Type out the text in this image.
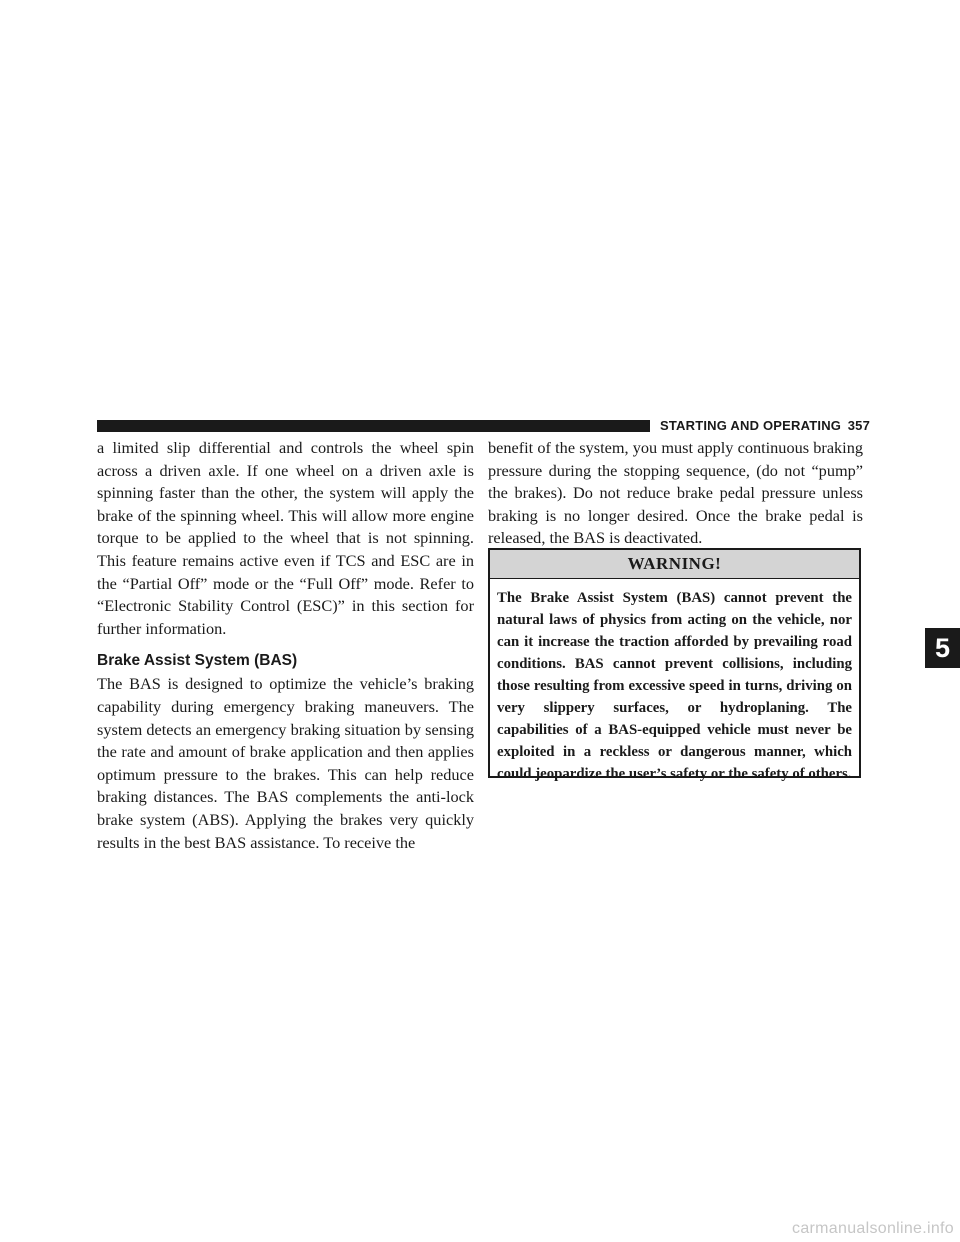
STARTING AND OPERATING 357

a limited slip differential and controls the wheel spin across a driven axle. If one wheel on a driven axle is spinning faster than the other, the system will apply the brake of the spinning wheel. This will allow more engine torque to be applied to the wheel that is not spinning. This feature remains active even if TCS and ESC are in the “Partial Off” mode or the “Full Off” mode. Refer to “Electronic Stability Control (ESC)” in this section for further information.

Brake Assist System (BAS)

The BAS is designed to optimize the vehicle’s braking capability during emergency braking maneuvers. The system detects an emergency braking situation by sensing the rate and amount of brake application and then applies optimum pressure to the brakes. This can help reduce braking distances. The BAS complements the anti-lock brake system (ABS). Applying the brakes very quickly results in the best BAS assistance. To receive the

benefit of the system, you must apply continuous braking pressure during the stopping sequence, (do not “pump” the brakes). Do not reduce brake pedal pressure unless braking is no longer desired. Once the brake pedal is released, the BAS is deactivated.

WARNING!
The Brake Assist System (BAS) cannot prevent the natural laws of physics from acting on the vehicle, nor can it increase the traction afforded by prevailing road conditions. BAS cannot prevent collisions, including those resulting from excessive speed in turns, driving on very slippery surfaces, or hydroplaning. The capabilities of a BAS-equipped vehicle must never be exploited in a reckless or dangerous manner, which could jeopardize the user’s safety or the safety of others.
5
carmanualsonline.info
